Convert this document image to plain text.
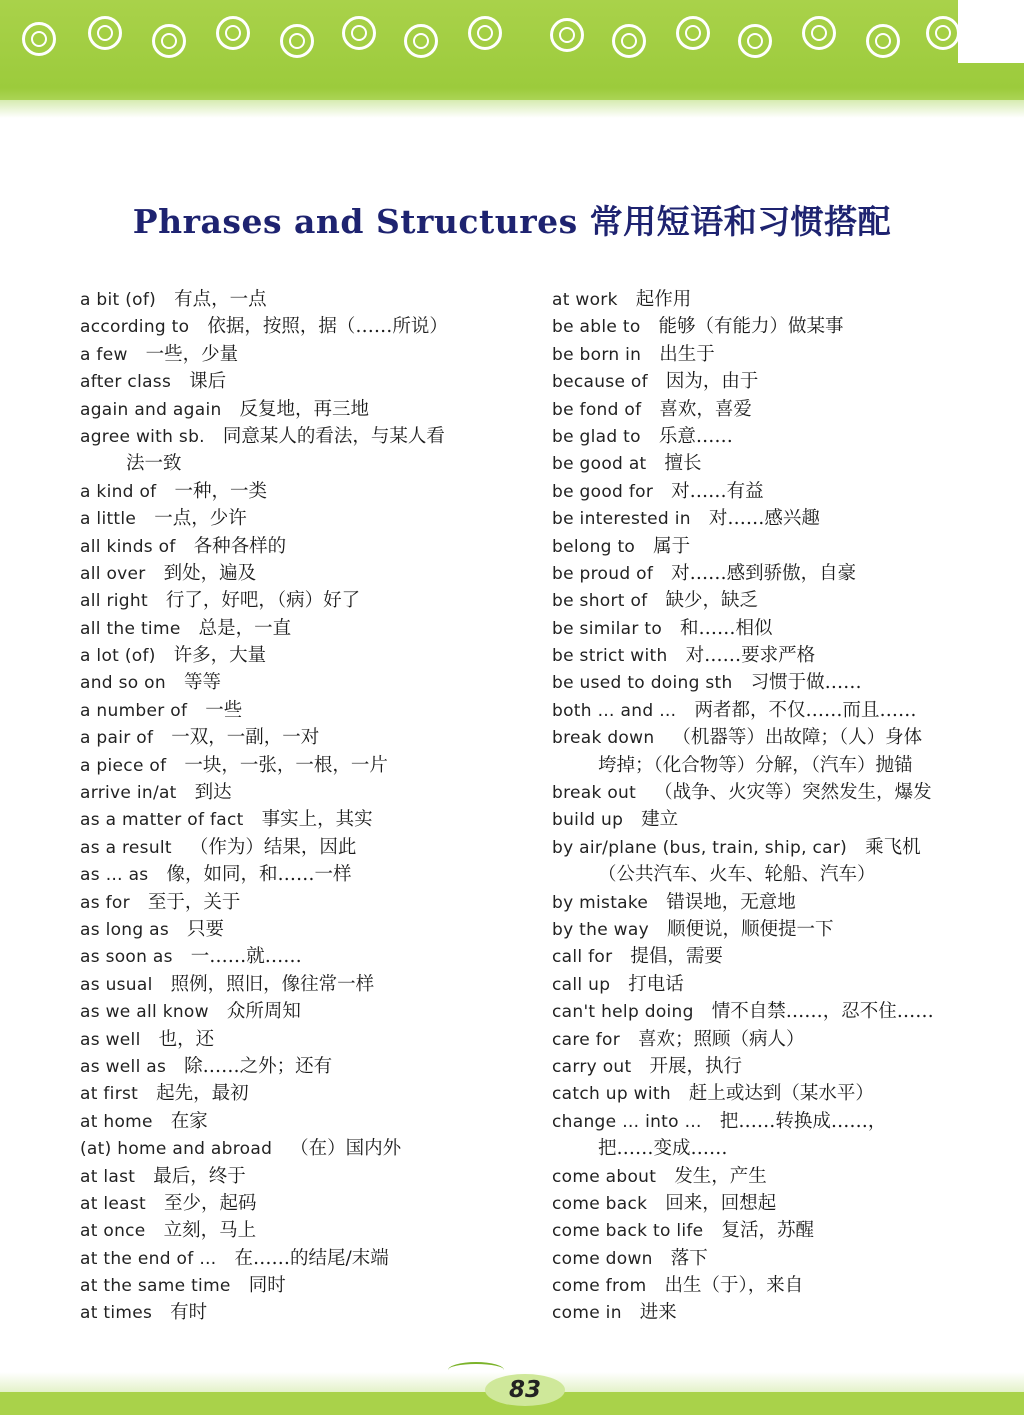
Phrases and Structures 常用短语和习惯搭配
a bit (of) 有点，一点
according to 依据，按照，据（……所说）
a few 一些，少量
after class 课后
again and again 反复地，再三地
agree with sb. 同意某人的看法，与某人看
法一致
a kind of 一种，一类
a little 一点，少许
all kinds of 各种各样的
all over 到处，遍及
all right 行了，好吧，（病）好了
all the time 总是，一直
a lot (of) 许多，大量
and so on 等等
a number of 一些
a pair of 一双，一副，一对
a piece of 一块，一张，一根，一片
arrive in/at 到达
as a matter of fact 事实上，其实
as a result （作为）结果，因此
as … as 像，如同，和……一样
as for 至于，关于
as long as 只要
as soon as 一……就……
as usual 照例，照旧，像往常一样
as we all know 众所周知
as well 也，还
as well as 除……之外；还有
at first 起先，最初
at home 在家
(at) home and abroad （在）国内外
at last 最后，终于
at least 至少，起码
at once 立刻，马上
at the end of … 在……的结尾/末端
at the same time 同时
at times 有时
at work 起作用
be able to 能够（有能力）做某事
be born in 出生于
because of 因为，由于
be fond of 喜欢，喜爱
be glad to 乐意……
be good at 擅长
be good for 对……有益
be interested in 对……感兴趣
belong to 属于
be proud of 对……感到骄傲，自豪
be short of 缺少，缺乏
be similar to 和……相似
be strict with 对……要求严格
be used to doing sth 习惯于做……
both … and … 两者都，不仅……而且……
break down （机器等）出故障；（人）身体
垮掉；（化合物等）分解，（汽车）抛锚
break out （战争、火灾等）突然发生，爆发
build up 建立
by air/plane (bus, train, ship, car) 乘飞机
（公共汽车、火车、轮船、汽车）
by mistake 错误地，无意地
by the way 顺便说，顺便提一下
call for 提倡，需要
call up 打电话
can't help doing 情不自禁……，忍不住……
care for 喜欢；照顾（病人）
carry out 开展，执行
catch up with 赶上或达到（某水平）
change … into … 把……转换成……，
把……变成……
come about 发生，产生
come back 回来，回想起
come back to life 复活，苏醒
come down 落下
come from 出生（于），来自
come in 进来
83
